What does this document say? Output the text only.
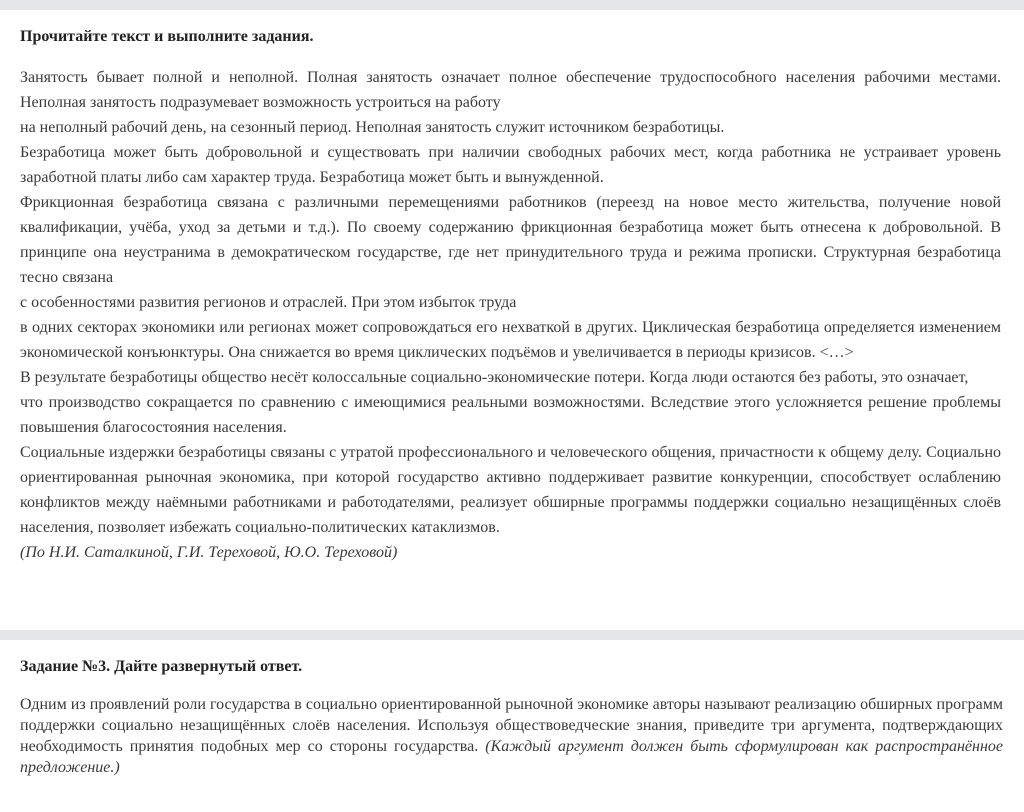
Прочитайте текст и выполните задания.

Занятость бывает полной и неполной. Полная занятость означает полное обеспечение трудоспособного населения рабочими местами. Неполная занятость подразумевает возможность устроиться на работу

на неполный рабочий день, на сезонный период. Неполная занятость служит источником безработицы.

Безработица может быть добровольной и существовать при наличии свободных рабочих мест, когда работника не устраивает уровень заработной платы либо сам характер труда. Безработица может быть и вынужденной.

Фрикционная безработица связана с различными перемещениями работников (переезд на новое место жительства, получение новой квалификации, учёба, уход за детьми и т.д.). По своему содержанию фрикционная безработица может быть отнесена к добровольной. В принципе она неустранима в демократическом государстве, где нет принудительного труда и режима прописки. Структурная безработица тесно связана

с особенностями развития регионов и отраслей. При этом избыток труда

в одних секторах экономики или регионах может сопровождаться его нехваткой в других. Циклическая безработица определяется изменением экономической конъюнктуры. Она снижается во время циклических подъёмов и увеличивается в периоды кризисов. <…>

В результате безработицы общество несёт колоссальные социально-экономические потери. Когда люди остаются без работы, это означает,

что производство сокращается по сравнению с имеющимися реальными возможностями. Вследствие этого усложняется решение проблемы повышения благосостояния населения.

Социальные издержки безработицы связаны с утратой профессионального и человеческого общения, причастности к общему делу. Социально ориентированная рыночная экономика, при которой государство активно поддерживает развитие конкуренции, способствует ослаблению конфликтов между наёмными работниками и работодателями, реализует обширные программы поддержки социально незащищённых слоёв населения, позволяет избежать социально-политических катаклизмов.

(По Н.И. Саталкиной, Г.И. Тереховой, Ю.О. Тереховой)

Задание №3. Дайте развернутый ответ.
Одним из проявлений роли государства в социально ориентированной рыночной экономике авторы называют реализацию обширных программ поддержки социально незащищённых слоёв населения. Используя обществоведческие знания, приведите три аргумента, подтверждающих необходимость принятия подобных мер со стороны государства. (Каждый аргумент должен быть сформулирован как распространённое предложение.)
